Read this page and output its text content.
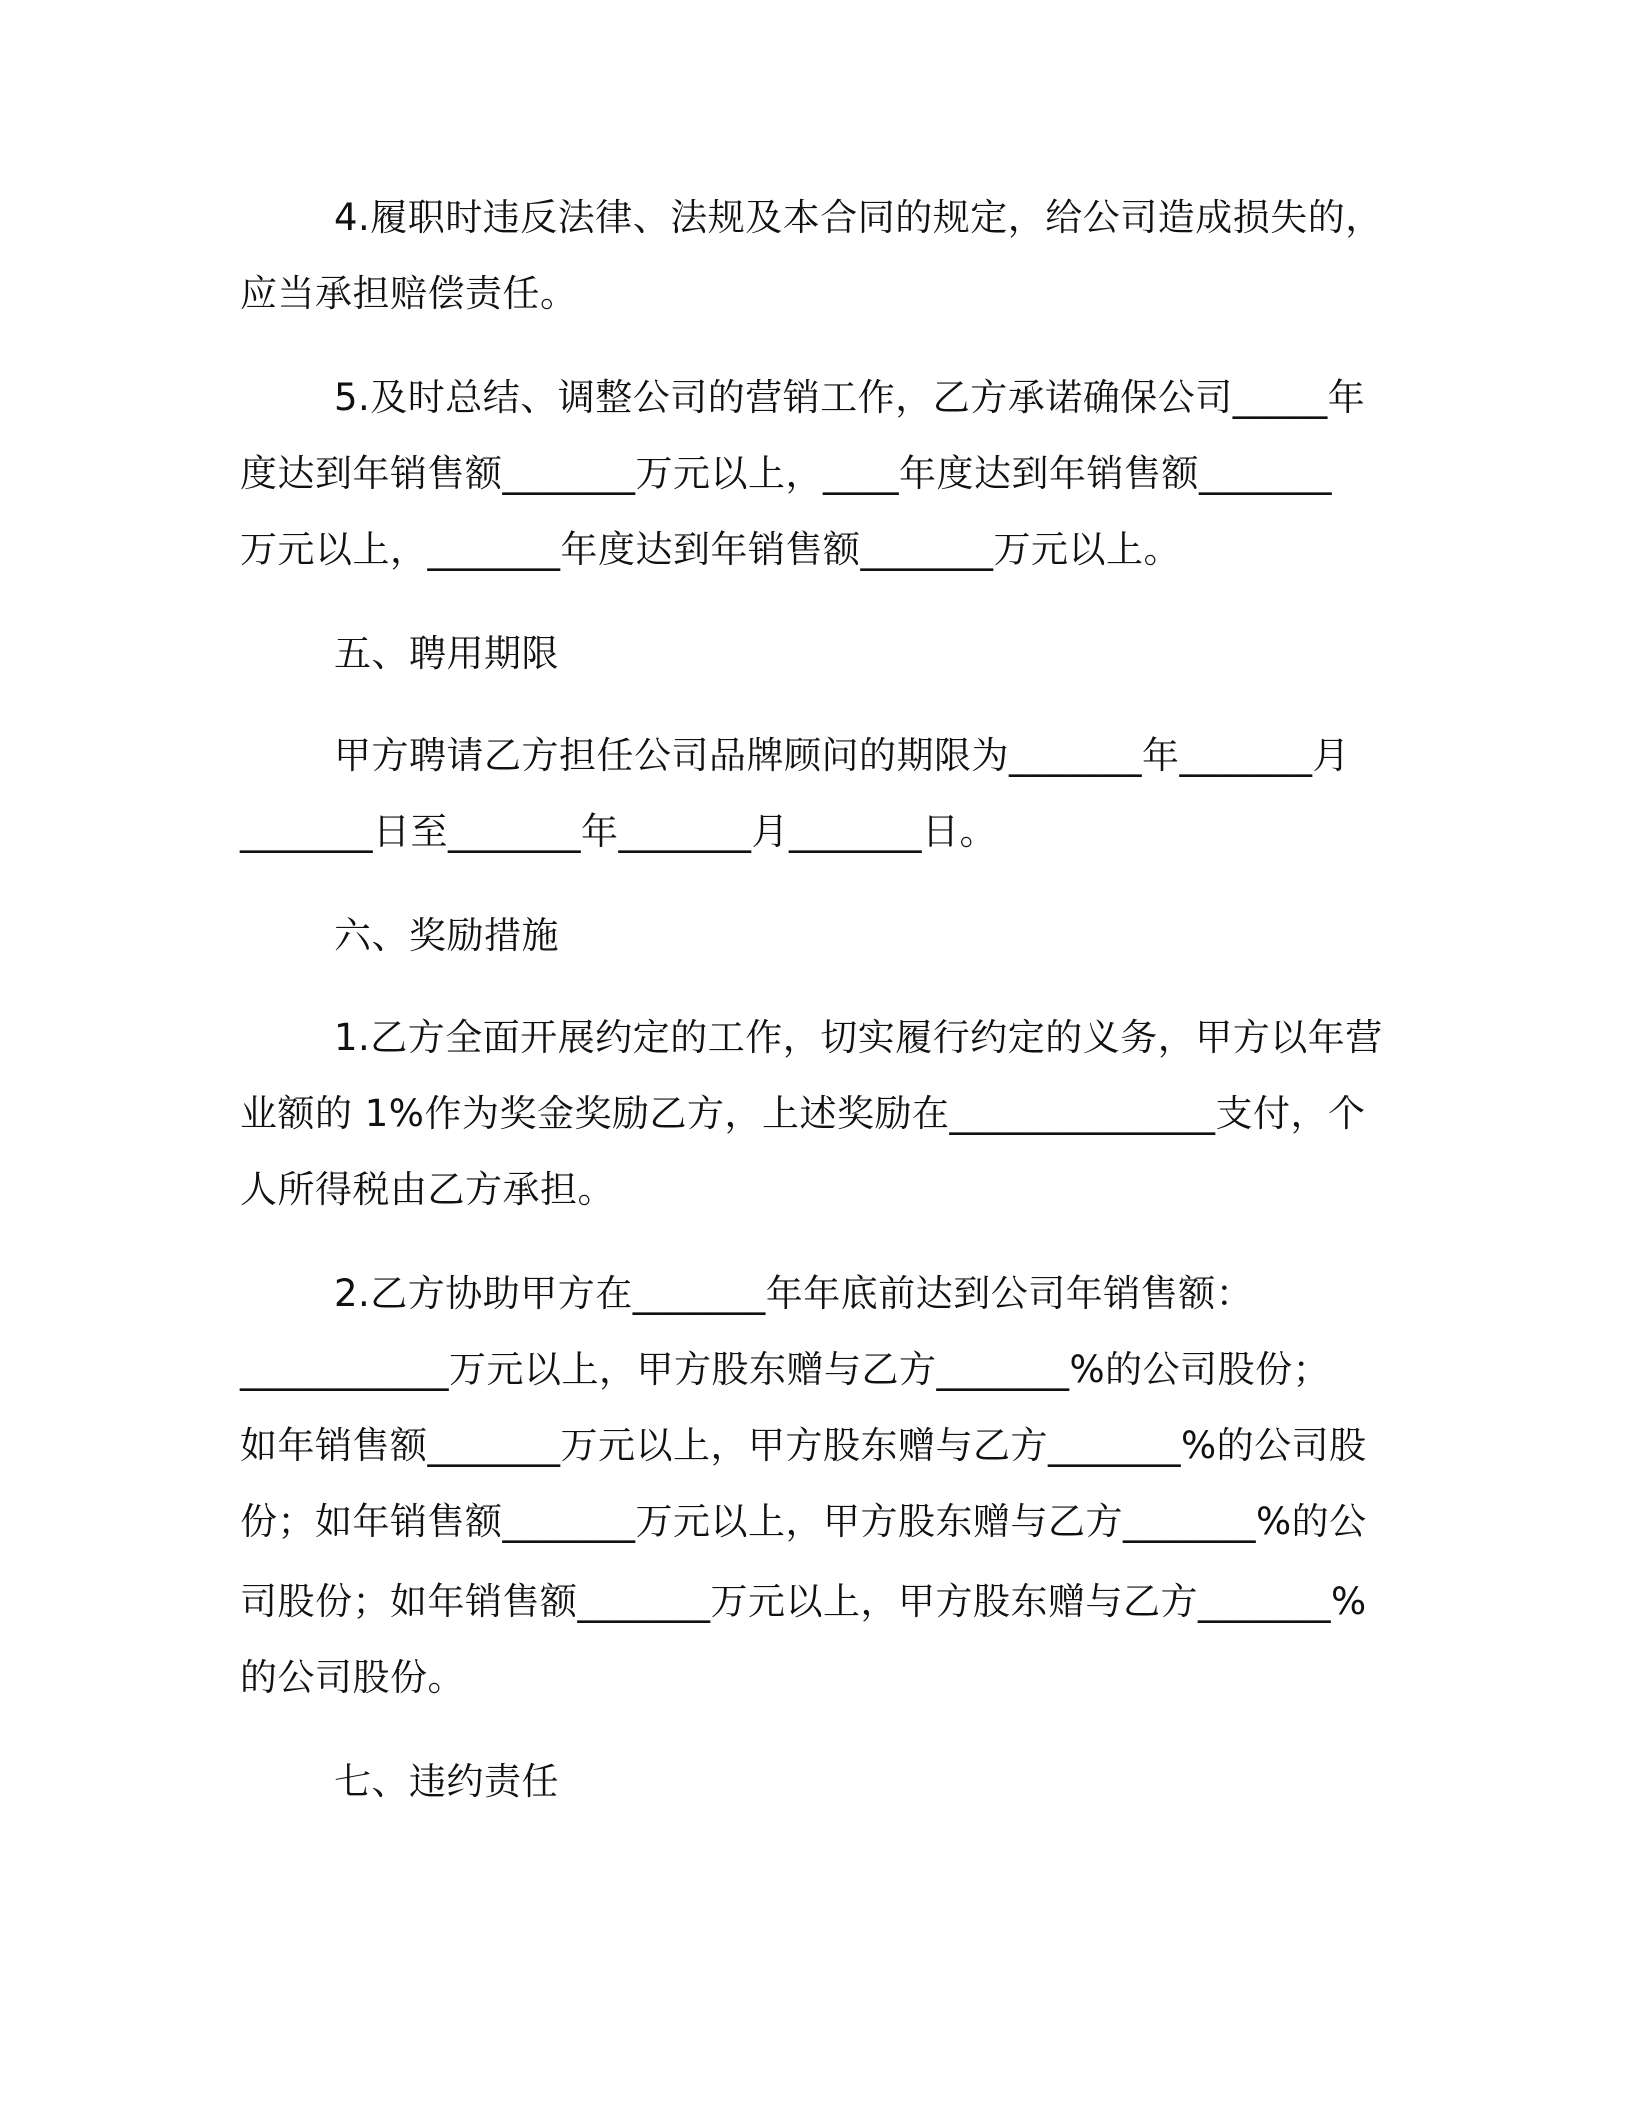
4.履职时违反法律、法规及本合同的规定，给公司造成损失的，
应当承担赔偿责任。
5.及时总结、调整公司的营销工作，乙方承诺确保公司_____年
度达到年销售额_______万元以上，____年度达到年销售额_______
万元以上，_______年度达到年销售额_______万元以上。
五、聘用期限
甲方聘请乙方担任公司品牌顾问的期限为_______年_______月
_______日至_______年_______月_______日。
六、奖励措施
1.乙方全面开展约定的工作，切实履行约定的义务，甲方以年营
业额的 1%作为奖金奖励乙方，上述奖励在______________支付，个
人所得税由乙方承担。
2.乙方协助甲方在_______年年底前达到公司年销售额：
___________万元以上，甲方股东赠与乙方_______%的公司股份；
如年销售额_______万元以上，甲方股东赠与乙方_______%的公司股
份；如年销售额_______万元以上，甲方股东赠与乙方_______%的公
司股份；如年销售额_______万元以上，甲方股东赠与乙方_______%
的公司股份。
七、违约责任
